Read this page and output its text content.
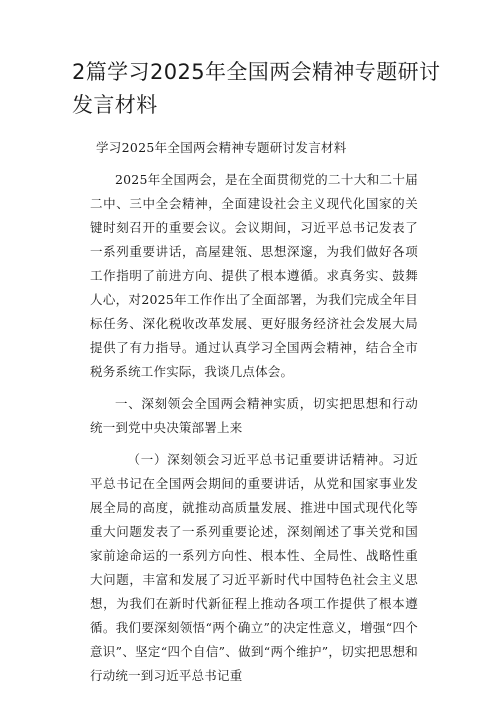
2篇学习2025年全国两会精神专题研讨发言材料

学习2025年全国两会精神专题研讨发言材料

2025年全国两会，是在全面贯彻党的二十大和二十届二中、三中全会精神，全面建设社会主义现代化国家的关键时刻召开的重要会议。会议期间，习近平总书记发表了一系列重要讲话，高屋建瓴、思想深邃，为我们做好各项工作指明了前进方向、提供了根本遵循。求真务实、鼓舞人心，对2025年工作作出了全面部署，为我们完成全年目标任务、深化税收改革发展、更好服务经济社会发展大局提供了有力指导。通过认真学习全国两会精神，结合全市税务系统工作实际，我谈几点体会。

一、深刻领会全国两会精神实质，切实把思想和行动统一到党中央决策部署上来

（一）深刻领会习近平总书记重要讲话精神。习近平总书记在全国两会期间的重要讲话，从党和国家事业发展全局的高度，就推动高质量发展、推进中国式现代化等重大问题发表了一系列重要论述，深刻阐述了事关党和国家前途命运的一系列方向性、根本性、全局性、战略性重大问题，丰富和发展了习近平新时代中国特色社会主义思想，为我们在新时代新征程上推动各项工作提供了根本遵循。我们要深刻领悟“两个确立”的决定性意义，增强“四个意识”、坚定“四个自信”、做到“两个维护”，切实把思想和行动统一到习近平总书记重
